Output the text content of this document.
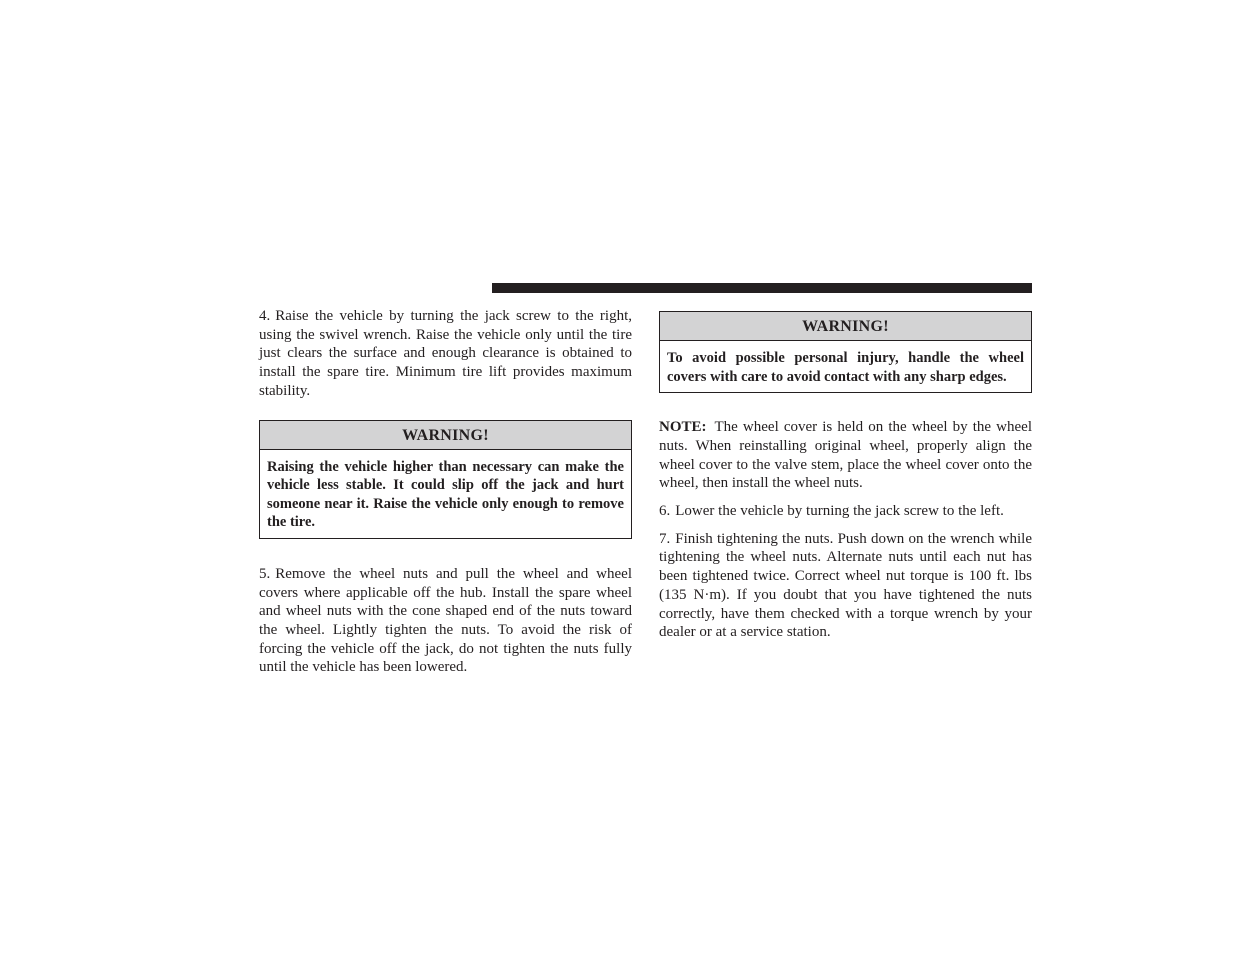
4. Raise the vehicle by turning the jack screw to the right, using the swivel wrench. Raise the vehicle only until the tire just clears the surface and enough clearance is obtained to install the spare tire. Minimum tire lift provides maximum stability.

WARNING!
Raising the vehicle higher than necessary can make the vehicle less stable. It could slip off the jack and hurt someone near it. Raise the vehicle only enough to remove the tire.

5. Remove the wheel nuts and pull the wheel and wheel covers where applicable off the hub. Install the spare wheel and wheel nuts with the cone shaped end of the nuts toward the wheel. Lightly tighten the nuts. To avoid the risk of forcing the vehicle off the jack, do not tighten the nuts fully until the vehicle has been lowered.

WARNING!
To avoid possible personal injury, handle the wheel covers with care to avoid contact with any sharp edges.

NOTE: The wheel cover is held on the wheel by the wheel nuts. When reinstalling original wheel, properly align the wheel cover to the valve stem, place the wheel cover onto the wheel, then install the wheel nuts.

6. Lower the vehicle by turning the jack screw to the left.

7. Finish tightening the nuts. Push down on the wrench while tightening the wheel nuts. Alternate nuts until each nut has been tightened twice. Correct wheel nut torque is 100 ft. lbs (135 N·m). If you doubt that you have tightened the nuts correctly, have them checked with a torque wrench by your dealer or at a service station.
